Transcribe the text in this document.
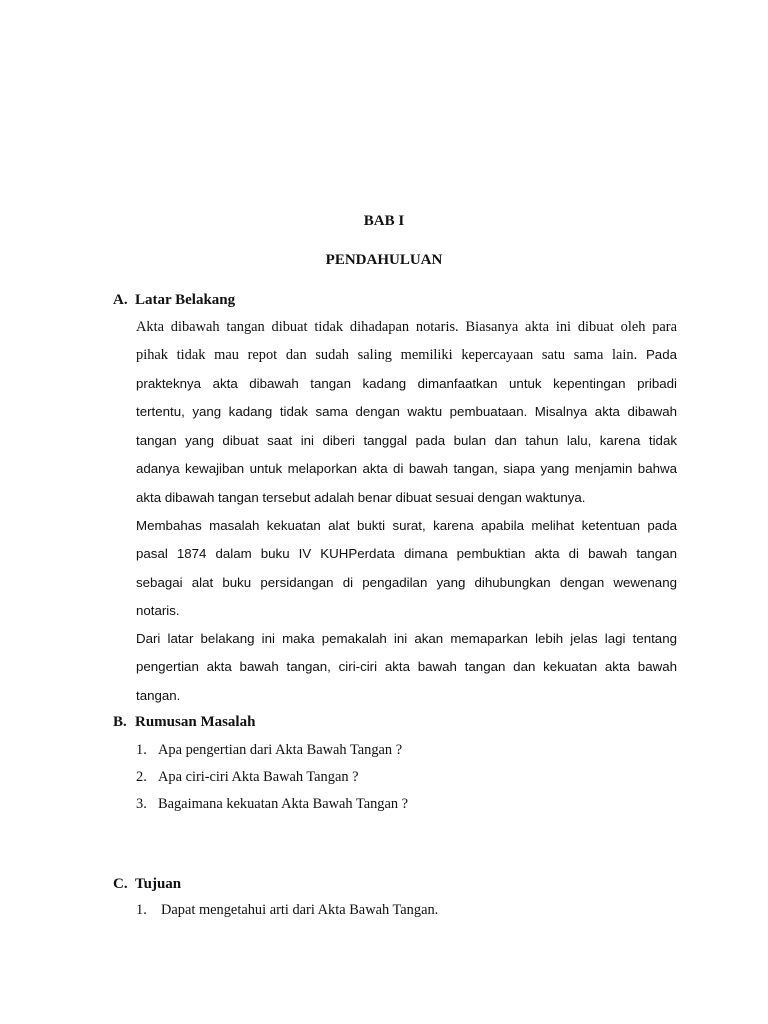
BAB I
PENDAHULUAN
A. Latar Belakang
Akta dibawah tangan dibuat tidak dihadapan notaris. Biasanya akta ini dibuat oleh para
pihak tidak mau repot dan sudah saling memiliki kepercayaan satu sama lain. Pada
prakteknya akta dibawah tangan kadang dimanfaatkan untuk kepentingan pribadi
tertentu, yang kadang tidak sama dengan waktu pembuataan. Misalnya akta dibawah
tangan yang dibuat saat ini diberi tanggal pada bulan dan tahun lalu, karena tidak
adanya kewajiban untuk melaporkan akta di bawah tangan, siapa yang menjamin bahwa
akta dibawah tangan tersebut adalah benar dibuat sesuai dengan waktunya.
Membahas masalah kekuatan alat bukti surat, karena apabila melihat ketentuan pada
pasal 1874 dalam buku IV KUHPerdata dimana pembuktian akta di bawah tangan
sebagai alat buku persidangan di pengadilan yang dihubungkan dengan wewenang
notaris.
Dari latar belakang ini maka pemakalah ini akan memaparkan lebih jelas lagi tentang
pengertian akta bawah tangan, ciri-ciri akta bawah tangan dan kekuatan akta bawah
tangan.
B. Rumusan Masalah
1. Apa pengertian dari Akta Bawah Tangan ?
2. Apa ciri-ciri Akta Bawah Tangan ?
3. Bagaimana kekuatan Akta Bawah Tangan ?
C. Tujuan
1. Dapat mengetahui arti dari Akta Bawah Tangan.
